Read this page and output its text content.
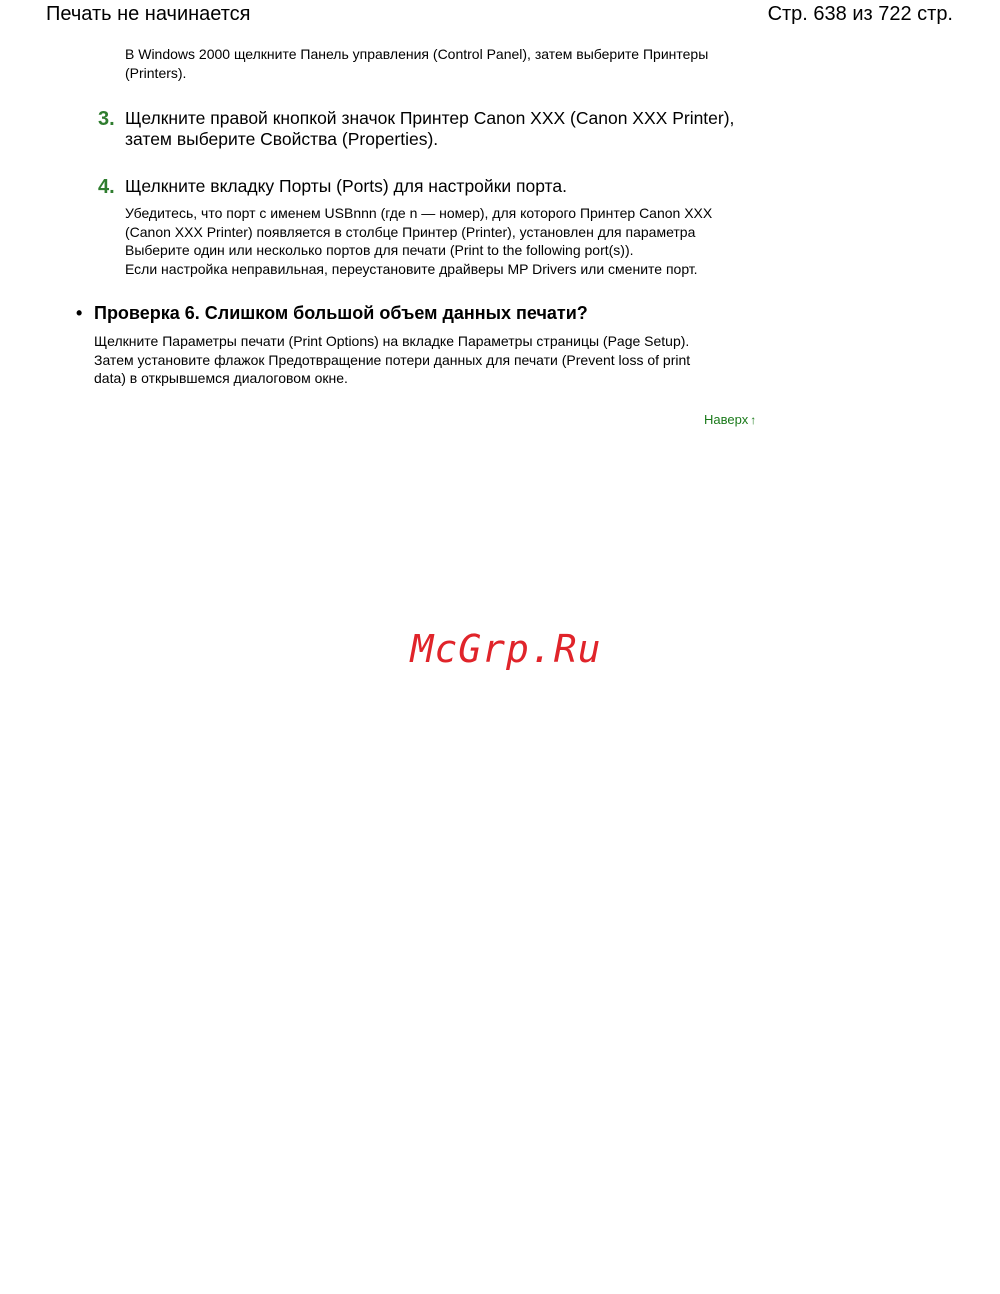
Печать не начинается	Стр. 638 из 722 стр.
В Windows 2000 щелкните Панель управления (Control Panel), затем выберите Принтеры
(Printers).
3. Щелкните правой кнопкой значок Принтер Canon XXX (Canon XXX Printer),
затем выберите Свойства (Properties).
4. Щелкните вкладку Порты (Ports) для настройки порта.
Убедитесь, что порт с именем USBnnn (где n — номер), для которого Принтер Canon XXX
(Canon XXX Printer) появляется в столбце Принтер (Printer), установлен для параметра
Выберите один или несколько портов для печати (Print to the following port(s)).
Если настройка неправильная, переустановите драйверы MP Drivers или смените порт.
• Проверка 6. Слишком большой объем данных печати?
Щелкните Параметры печати (Print Options) на вкладке Параметры страницы (Page Setup).
Затем установите флажок Предотвращение потери данных для печати (Prevent loss of print
data) в открывшемся диалоговом окне.
Наверх ↑
McGrp.Ru
